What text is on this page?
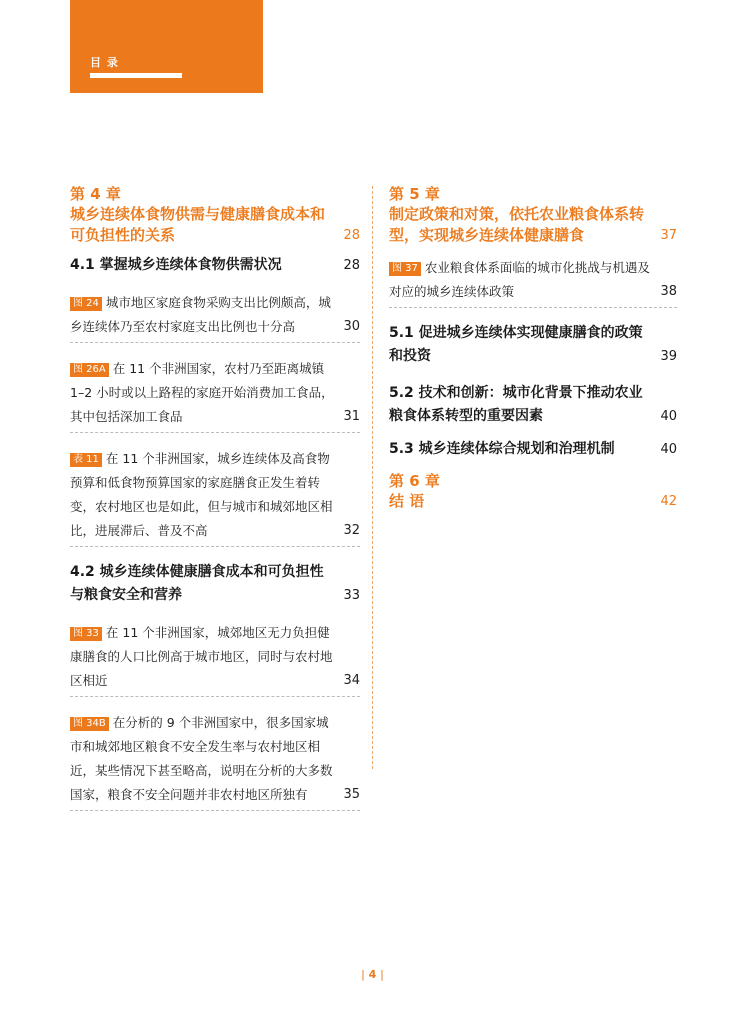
目 录
第 4 章
城乡连续体食物供需与健康膳食成本和可负担性的关系	28
4.1 掌握城乡连续体食物供需状况	28
图 24 城市地区家庭食物采购支出比例颇高，城乡连续体乃至农村家庭支出比例也十分高	30
图 26A 在 11 个非洲国家，农村乃至距离城镇 1–2 小时或以上路程的家庭开始消费加工食品，其中包括深加工食品	31
表 11 在 11 个非洲国家，城乡连续体及高食物预算和低食物预算国家的家庭膳食正发生着转变，农村地区也是如此，但与城市和城郊地区相比，进展滞后、普及不高	32
4.2 城乡连续体健康膳食成本和可负担性与粮食安全和营养	33
图 33 在 11 个非洲国家，城郊地区无力负担健康膳食的人口比例高于城市地区，同时与农村地区相近	34
图 34B 在分析的 9 个非洲国家中，很多国家城市和城郊地区粮食不安全发生率与农村地区相近，某些情况下甚至略高，说明在分析的大多数国家，粮食不安全问题并非农村地区所独有	35
第 5 章
制定政策和对策，依托农业粮食体系转型，实现城乡连续体健康膳食	37
图 37 农业粮食体系面临的城市化挑战与机遇及对应的城乡连续体政策	38
5.1 促进城乡连续体实现健康膳食的政策和投资	39
5.2 技术和创新：城市化背景下推动农业粮食体系转型的重要因素	40
5.3 城乡连续体综合规划和治理机制	40
第 6 章
结 语	42
| 4 |
